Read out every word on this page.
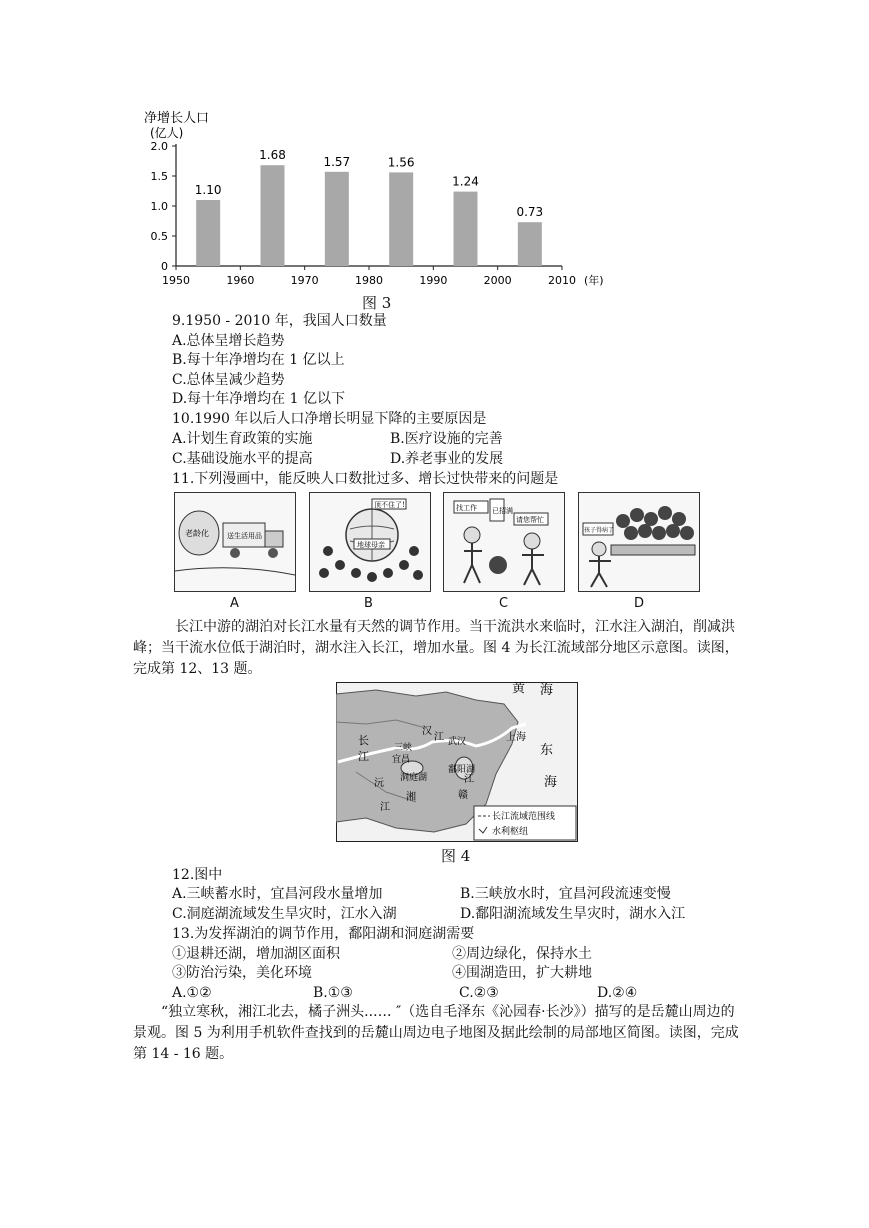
净增长人口
(亿人)
2.0
1.5
1.0
0.5
0
1950	1960	1970	1980	1990	2000	2010
1.10
1.68	1.57	1.56
1.24
0.73
(年)
图 3
9.1950 - 2010 年，我国人口数量
A.总体呈增长趋势
B.每十年净增均在 1 亿以上
C.总体呈减少趋势
D.每十年净增均在 1 亿以下
10.1990 年以后人口净增长明显下降的主要原因是
A.计划生育政策的实施	B.医疗设施的完善
C.基础设施水平的提高	D.养老事业的发展
11.下列漫画中，能反映人口数批过多、增长过快带来的问题是
老龄化	送生活用品
A
地球母亲
顶不住了!
B
找工作 已招满
请您帮忙
C
孩子得病了
D
长江中游的湖泊对长江水量有天然的调节作用。当干流洪水来临时，江水注入湖泊，削减洪峰；当干流水位低于湖泊时，湖水注入长江，增加水量。图 4 为长江流域部分地区示意图。读图，完成第 12、13 题。
黄 海
上海
东
海
长
江
三峡
宜昌
洞庭湖
鄱阳湖
武汉
汉
江
湘	赣
沅
江
江
长江流域范围线
水利枢纽
图 4
12.图中
A.三峡蓄水时，宜昌河段水量增加	B.三峡放水时，宜昌河段流速变慢
C.洞庭湖流域发生旱灾时，江水入湖	D.鄱阳湖流域发生旱灾时，湖水入江
13.为发挥湖泊的调节作用，鄱阳湖和洞庭湖需要
①退耕还湖，增加湖区面积	②周边绿化，保持水土
③防治污染，美化环境	④围湖造田，扩大耕地
A.①②	B.①③	C.②③	D.②④
“独立寒秋，湘江北去，橘子洲头..…. ″（选自毛泽东《沁园春·长沙》）描写的是岳麓山周边的景观。图 5 为利用手机软件查找到的岳麓山周边电子地图及据此绘制的局部地区简图。读图，完成第 14 - 16 题。
